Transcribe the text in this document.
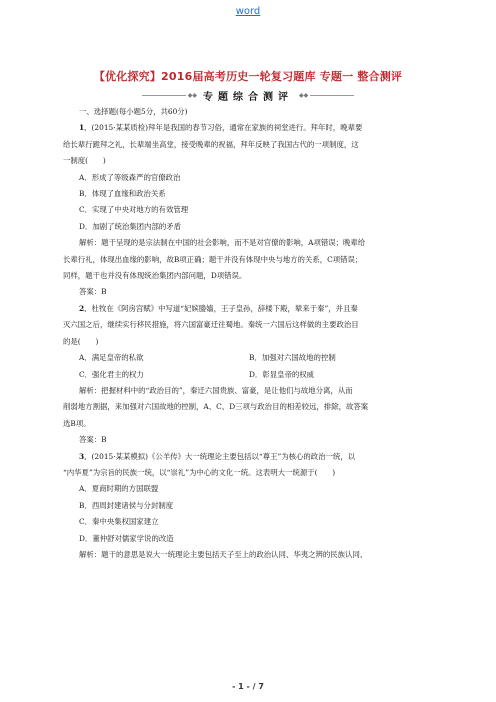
word
【优化探究】2016届高考历史一轮复习题库 专题一 整合测评
◆◆ 专题综合测评 ◆◆

一、选择题(每小题5分，共60分)

1．(2015·某某质检)拜年是我国的春节习俗，通常在家族的祠堂进行。拜年时，晚辈要

给长辈行跪拜之礼，长辈端坐高堂，接受晚辈的祝福，拜年反映了我国古代的一项制度，这

一制度(　　)

A．形成了等级森严的官僚政治

B．体现了血缘和政治关系

C．实现了中央对地方的有效管理

D．加剧了统治集团内部的矛盾

解析：题干呈现的是宗法制在中国的社会影响，而不是对官僚的影响，A项错误；晚辈给

长辈行礼，体现出血缘的影响，故B项正确；题干并没有体现中央与地方的关系，C项错误；

同样，题干也并没有体现统治集团内部问题，D项错误。

答案：B

2．杜牧在《阿房宫赋》中写道“妃嫔媵嫱，王子皇孙，辞楼下殿，辇来于秦”，并且秦

灭六国之后，继续实行移民措施，将六国富豪迁往蜀地。秦统一六国后这样做的主要政治目

的是(　　)

A．满足皇帝的私欲	B．加强对六国故地的控制
C．强化君主的权力	D．彰显皇帝的权威

解析：把握材料中的“政治目的”，秦迁六国贵族、富豪，是让他们与故地分离，从而

削弱地方割据，来加强对六国故地的控制，A、C、D三项与政治目的相差较远，排除，故答案

选B项。

答案：B

3．(2015·某某模拟)《公羊传》大一统理论主要包括以“尊王”为核心的政治一统，以

“内华夏”为宗旨的民族一统，以“崇礼”为中心的文化一统。这表明大一统源于(　　)

A．夏商时期的方国联盟

B．西周封建诸侯与分封制度

C．秦中央集权国家建立

D．董仲舒对儒家学说的改造

解析：题干的意思是说大一统理论主要包括天子至上的政治认同、华夷之辨的民族认同、

- 1 - / 7
